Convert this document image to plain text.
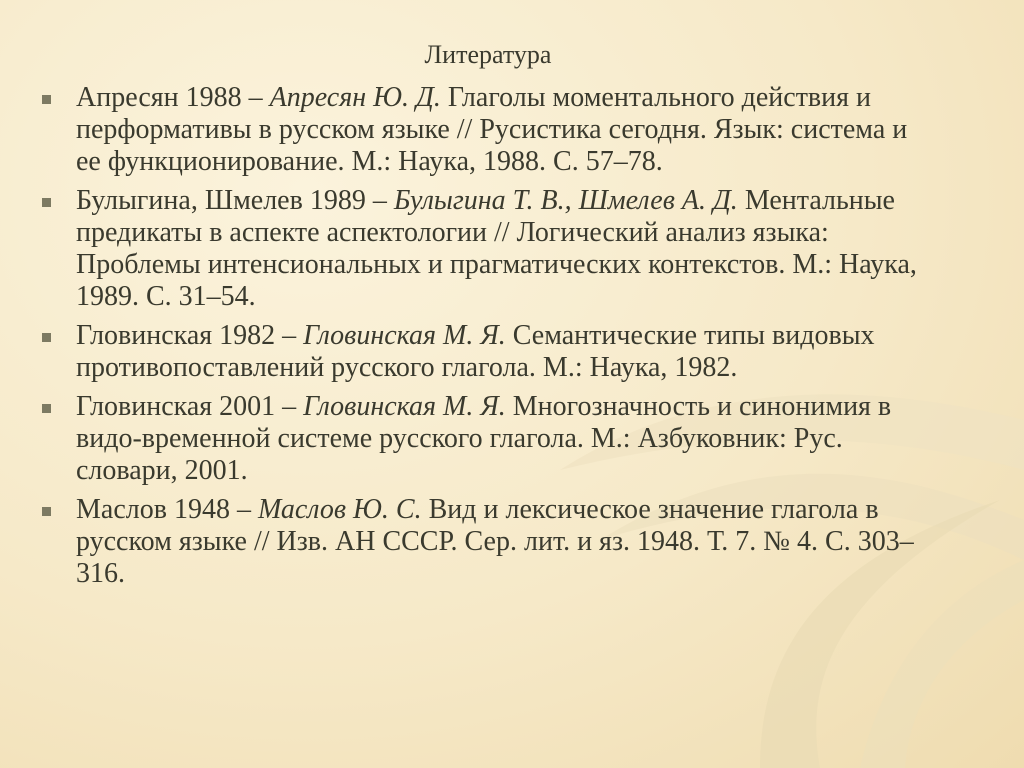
Литература
Апресян 1988 – Апресян Ю. Д. Глаголы моментального действия и перформативы в русском языке // Русистика сегодня. Язык: система и ее функционирование. М.: Наука, 1988. С. 57–78.
Булыгина, Шмелев 1989 – Булыгина Т. В., Шмелев А. Д. Ментальные предикаты в аспекте аспектологии // Логический анализ языка: Проблемы интенсиональных и прагматических контекстов. М.: Наука, 1989. С. 31–54.
Гловинская 1982 – Гловинская М. Я. Семантические типы видовых противопоставлений русского глагола. М.: Наука, 1982.
Гловинская 2001 – Гловинская М. Я. Многозначность и синонимия в видо-временной системе русского глагола. М.: Азбуковник: Рус. словари, 2001.
Маслов 1948 – Маслов Ю. С. Вид и лексическое значение глагола в русском языке // Изв. АН СССР. Сер. лит. и яз. 1948. Т. 7. № 4. С. 303–316.
